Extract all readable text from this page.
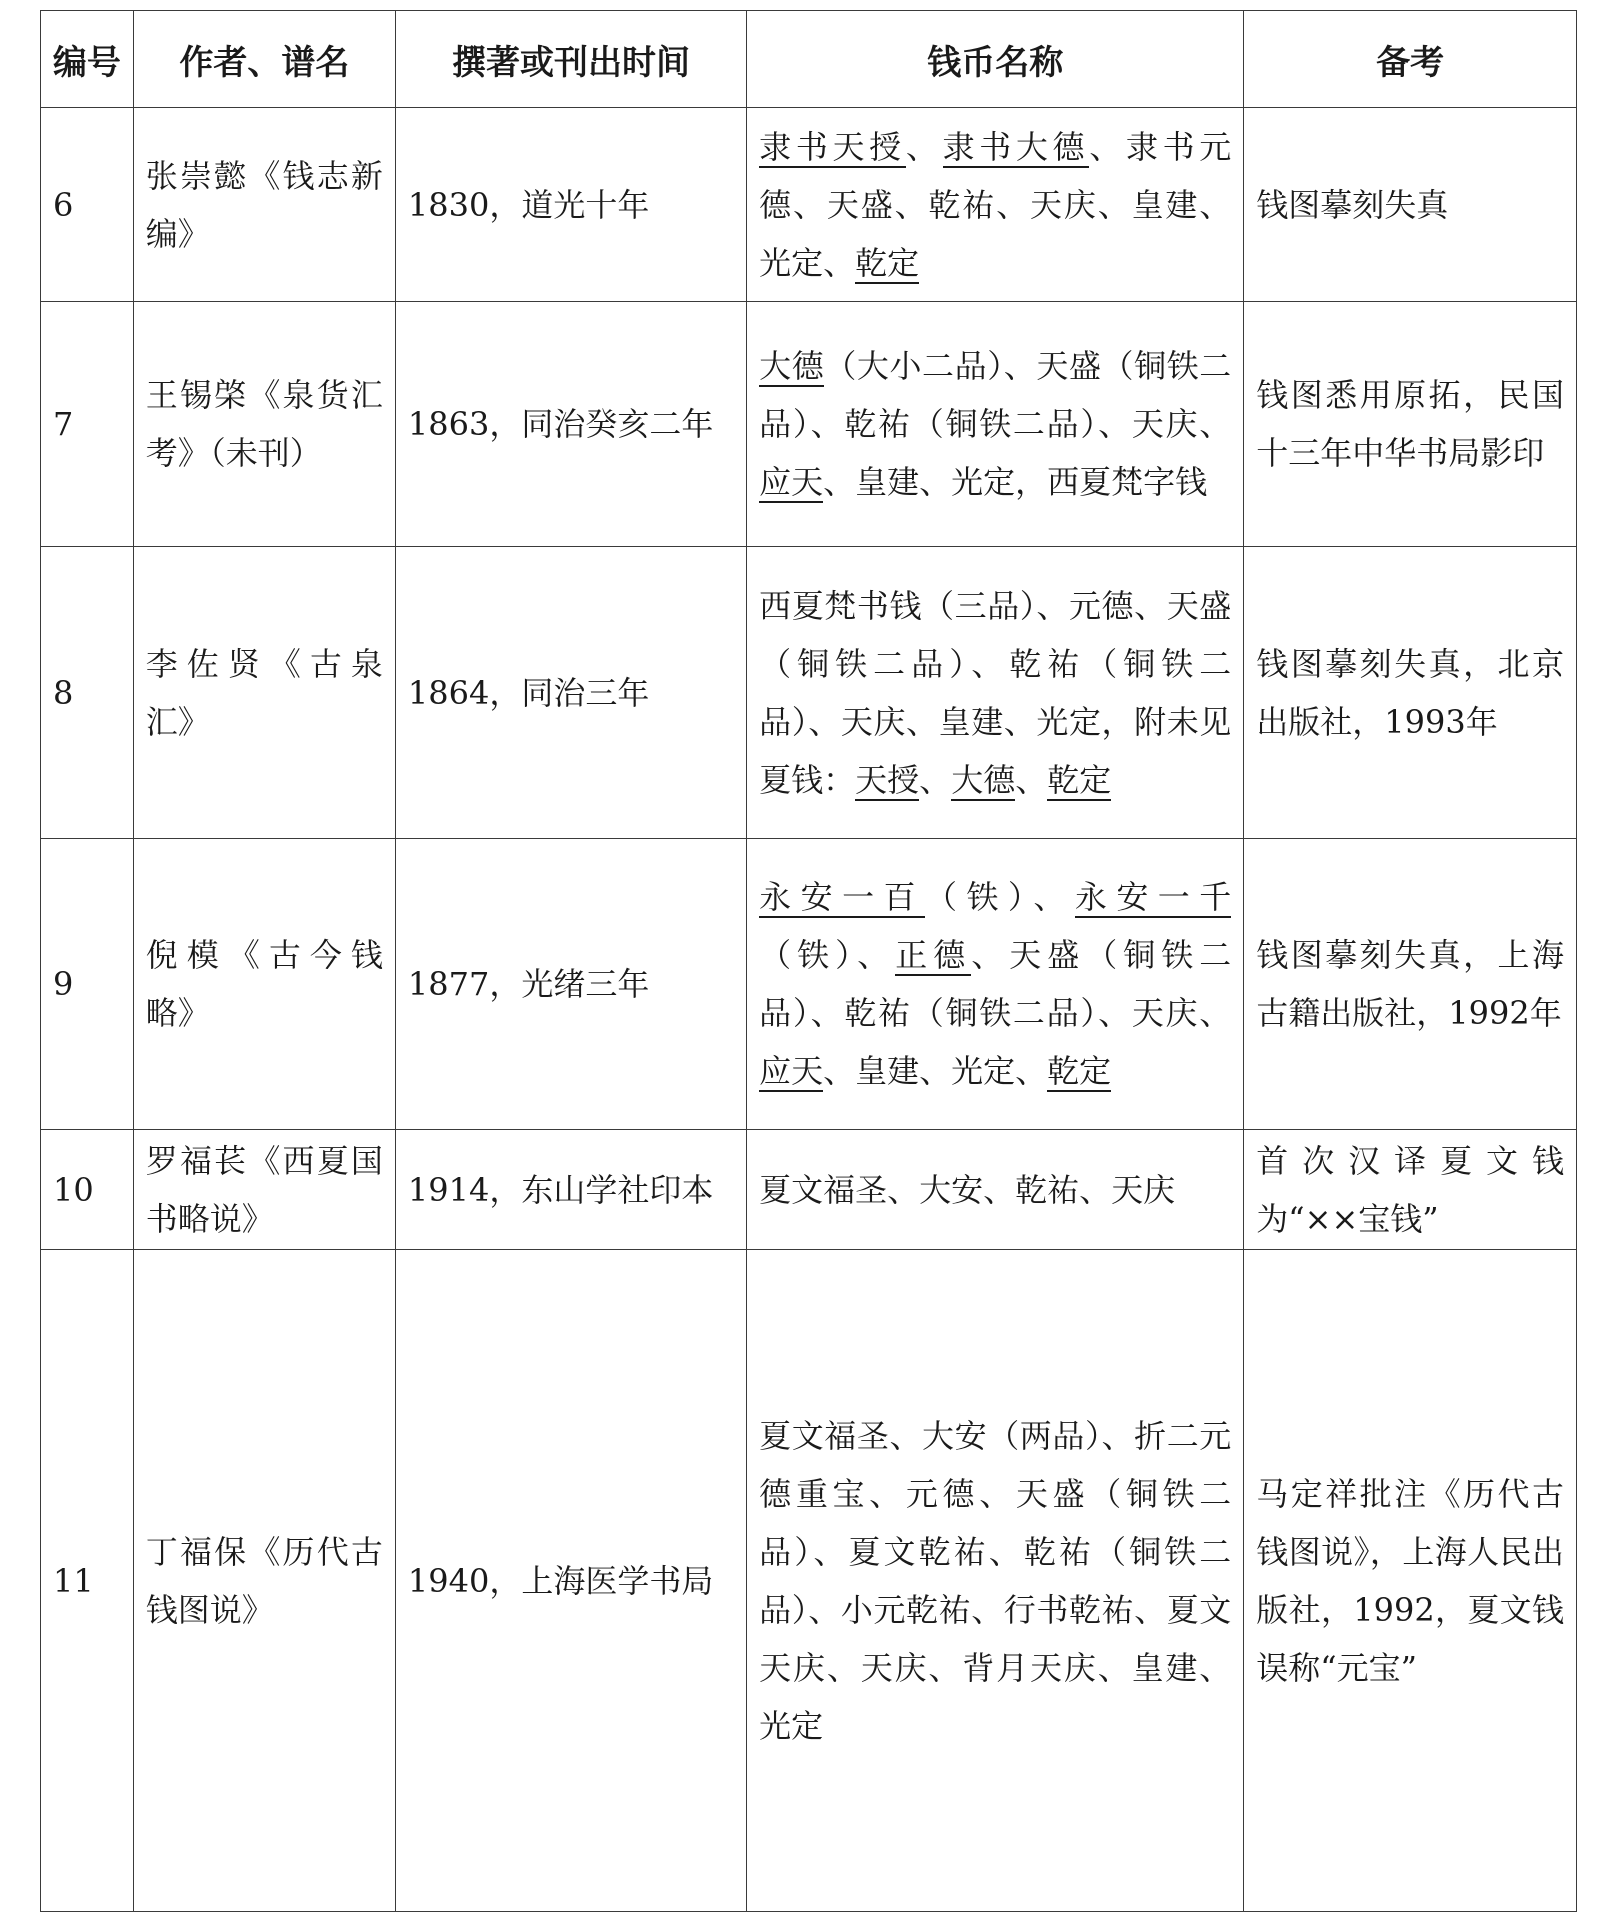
编号	作者、谱名	撰著或刊出时间	钱币名称	备考
6	张崇懿《钱志新编》	1830，道光十年	隶书天授、隶书大德、隶书元德、天盛、乾祐、天庆、皇建、光定、乾定	钱图摹刻失真
7	王锡棨《泉货汇考》（未刊）	1863，同治癸亥二年	大德（大小二品）、天盛（铜铁二品）、乾祐（铜铁二品）、天庆、应天、皇建、光定，西夏梵字钱	钱图悉用原拓，民国十三年中华书局影印
8	李佐贤《古泉汇》	1864，同治三年	西夏梵书钱（三品）、元德、天盛（铜铁二品）、乾祐（铜铁二品）、天庆、皇建、光定，附未见夏钱：天授、大德、乾定	钱图摹刻失真，北京出版社，1993年
9	倪模《古今钱略》	1877，光绪三年	永安一百（铁）、永安一千（铁）、正德、天盛（铜铁二品）、乾祐（铜铁二品）、天庆、应天、皇建、光定、乾定	钱图摹刻失真，上海古籍出版社，1992年
10	罗福苌《西夏国书略说》	1914，东山学社印本	夏文福圣、大安、乾祐、天庆	首次汉译夏文钱为“××宝钱”
11	丁福保《历代古钱图说》	1940，上海医学书局	夏文福圣、大安（两品）、折二元德重宝、元德、天盛（铜铁二品）、夏文乾祐、乾祐（铜铁二品）、小元乾祐、行书乾祐、夏文天庆、天庆、背月天庆、皇建、光定	马定祥批注《历代古钱图说》，上海人民出版社，1992，夏文钱误称“元宝”
